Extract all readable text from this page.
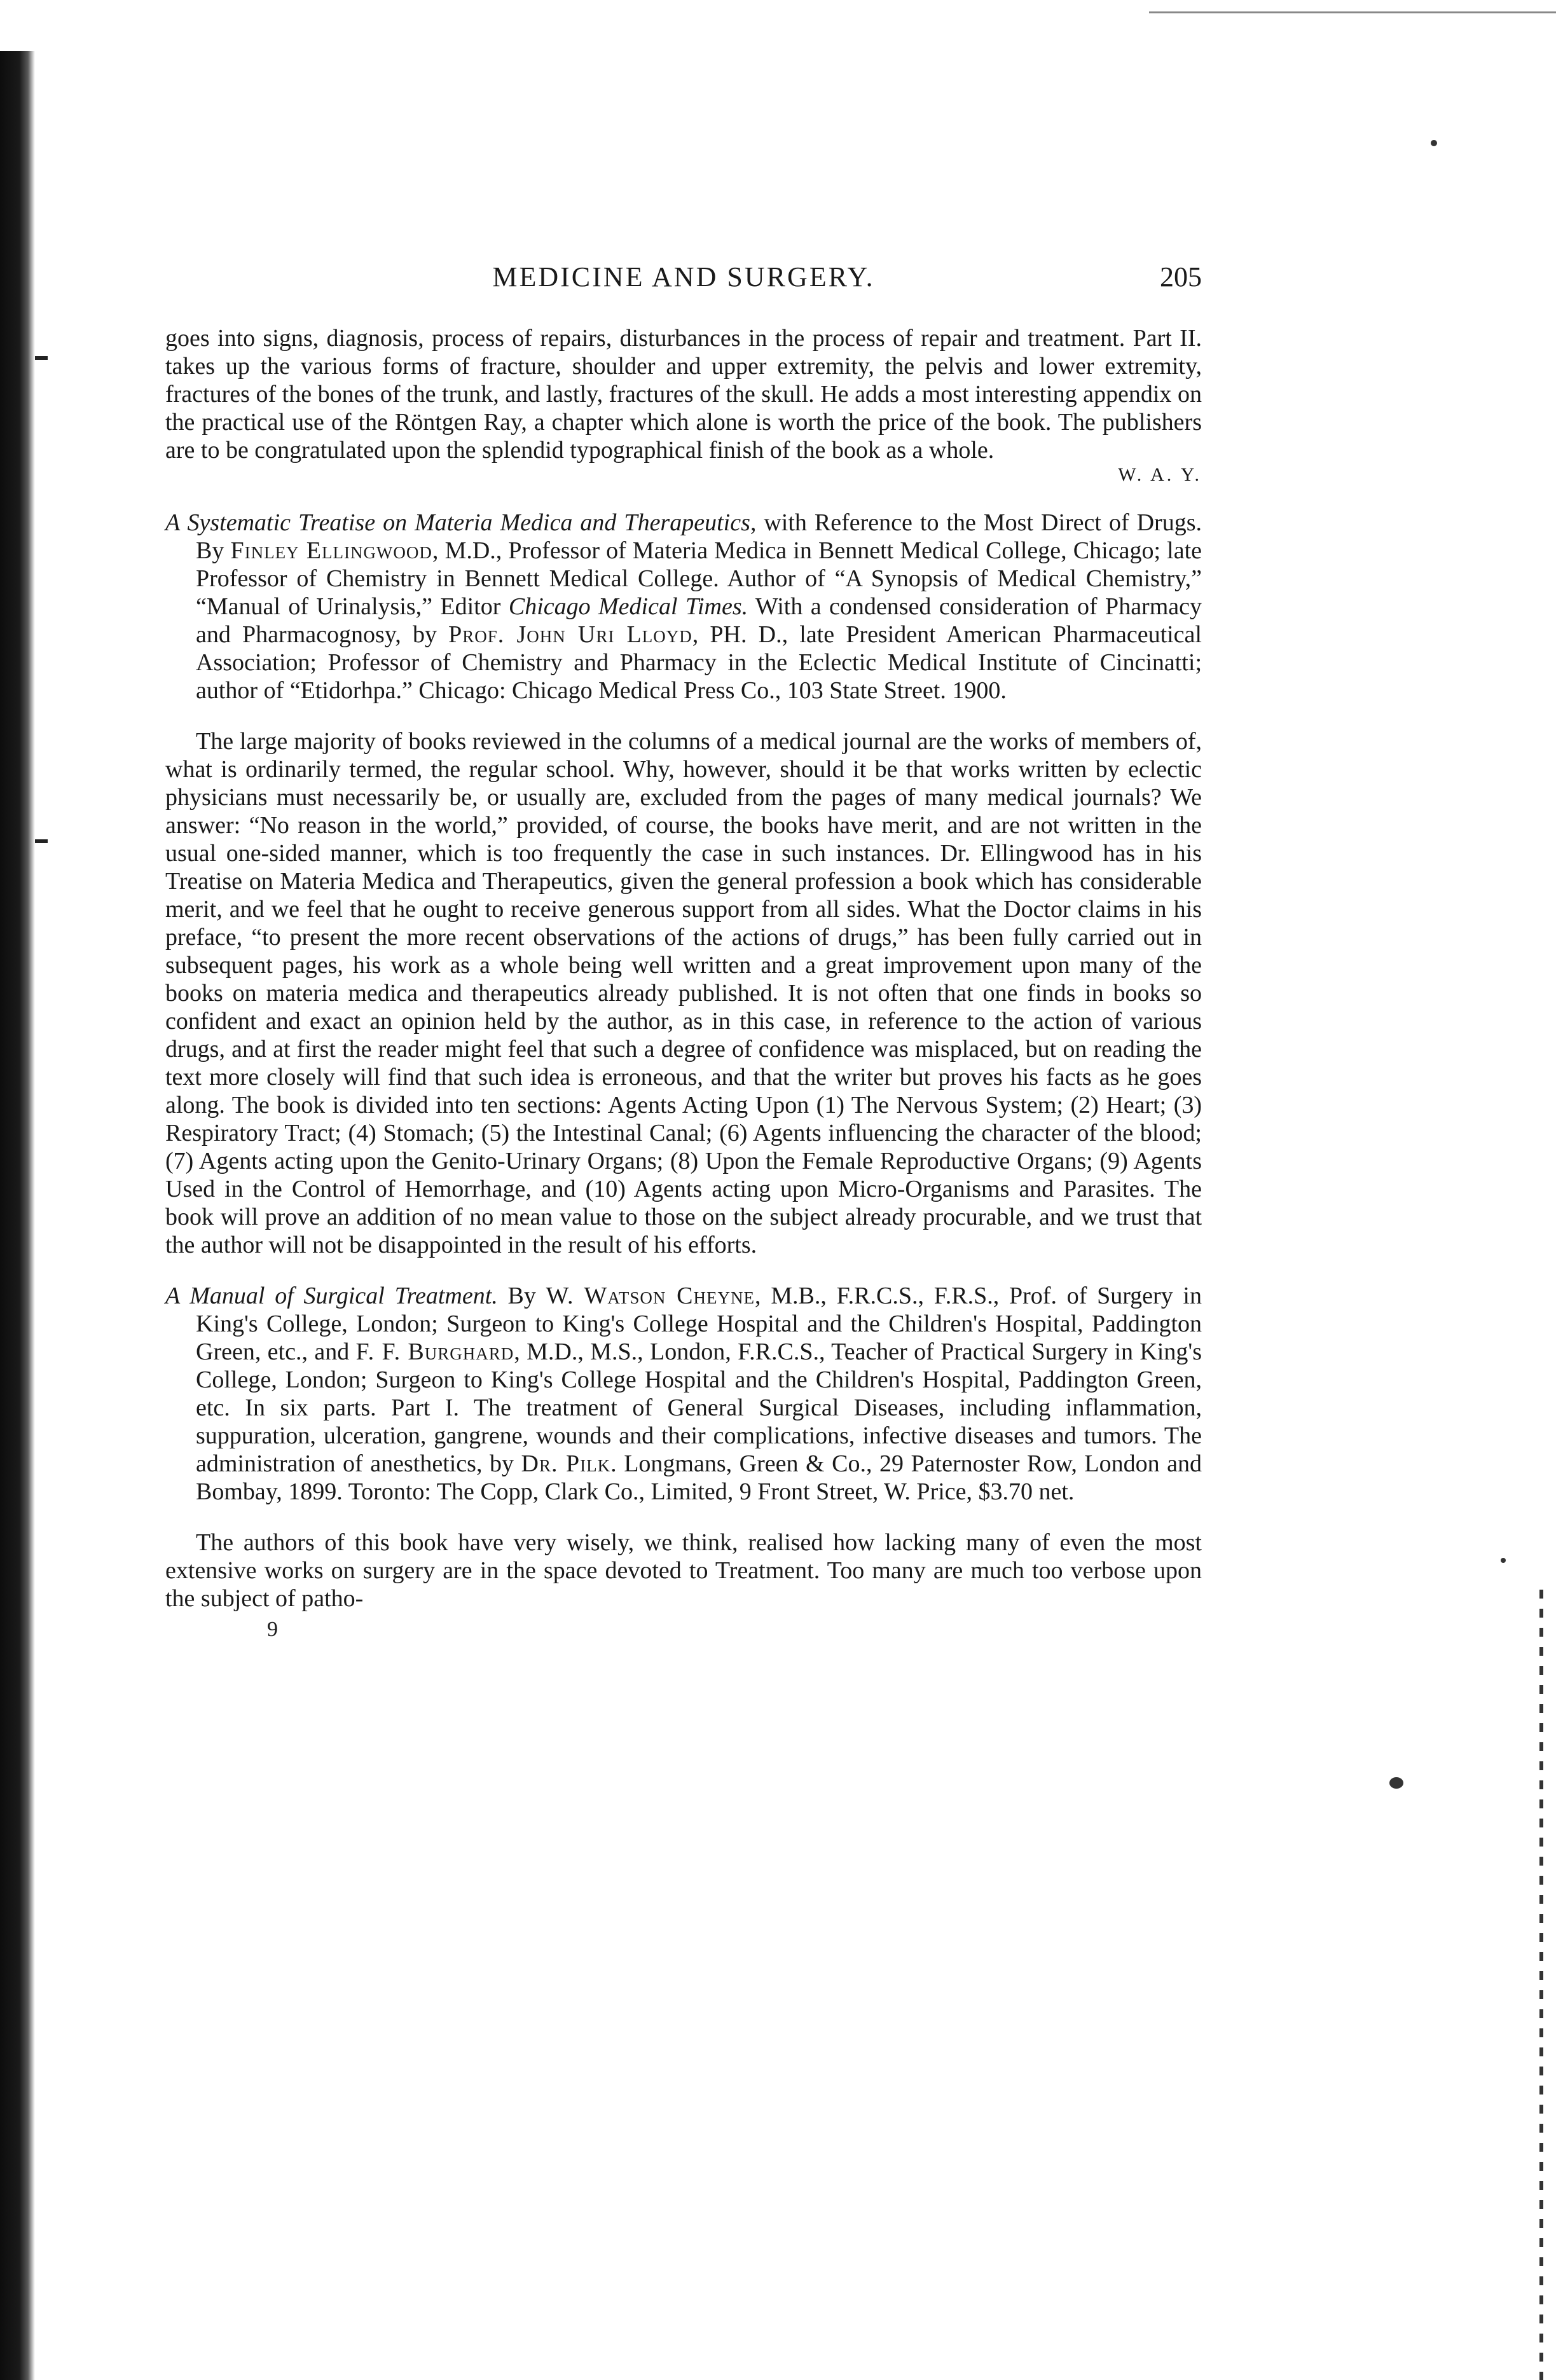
MEDICINE AND SURGERY.	205

goes into signs, diagnosis, process of repairs, disturbances in the process of repair and treatment. Part II. takes up the various forms of fracture, shoulder and upper extremity, the pelvis and lower extremity, fractures of the bones of the trunk, and lastly, fractures of the skull. He adds a most interesting appendix on the practical use of the Röntgen Ray, a chapter which alone is worth the price of the book. The publishers are to be congratulated upon the splendid typographical finish of the book as a whole.

W. A. Y.

A Systematic Treatise on Materia Medica and Therapeutics, with Reference to the Most Direct of Drugs. By Finley Ellingwood, M.D., Professor of Materia Medica in Bennett Medical College, Chicago; late Professor of Chemistry in Bennett Medical College. Author of “A Synopsis of Medical Chemistry,” “Manual of Urinalysis,” Editor Chicago Medical Times. With a condensed consideration of Pharmacy and Pharmacognosy, by Prof. John Uri Lloyd, PH. D., late President American Pharmaceutical Association; Professor of Chemistry and Pharmacy in the Eclectic Medical Institute of Cincinatti; author of “Etidorhpa.” Chicago: Chicago Medical Press Co., 103 State Street. 1900.

The large majority of books reviewed in the columns of a medical journal are the works of members of, what is ordinarily termed, the regular school. Why, however, should it be that works written by eclectic physicians must necessarily be, or usually are, excluded from the pages of many medical journals? We answer: “No reason in the world,” provided, of course, the books have merit, and are not written in the usual one-sided manner, which is too frequently the case in such instances. Dr. Ellingwood has in his Treatise on Materia Medica and Therapeutics, given the general profession a book which has considerable merit, and we feel that he ought to receive generous support from all sides. What the Doctor claims in his preface, “to present the more recent observations of the actions of drugs,” has been fully carried out in subsequent pages, his work as a whole being well written and a great improvement upon many of the books on materia medica and therapeutics already published. It is not often that one finds in books so confident and exact an opinion held by the author, as in this case, in reference to the action of various drugs, and at first the reader might feel that such a degree of confidence was misplaced, but on reading the text more closely will find that such idea is erroneous, and that the writer but proves his facts as he goes along. The book is divided into ten sections: Agents Acting Upon (1) The Nervous System; (2) Heart; (3) Respiratory Tract; (4) Stomach; (5) the Intestinal Canal; (6) Agents influencing the character of the blood; (7) Agents acting upon the Genito-Urinary Organs; (8) Upon the Female Reproductive Organs; (9) Agents Used in the Control of Hemorrhage, and (10) Agents acting upon Micro-Organisms and Parasites. The book will prove an addition of no mean value to those on the subject already procurable, and we trust that the author will not be disappointed in the result of his efforts.

A Manual of Surgical Treatment. By W. Watson Cheyne, M.B., F.R.C.S., F.R.S., Prof. of Surgery in King's College, London; Surgeon to King's College Hospital and the Children's Hospital, Paddington Green, etc., and F. F. Burghard, M.D., M.S., London, F.R.C.S., Teacher of Practical Surgery in King's College, London; Surgeon to King's College Hospital and the Children's Hospital, Paddington Green, etc. In six parts. Part I. The treatment of General Surgical Diseases, including inflammation, suppuration, ulceration, gangrene, wounds and their complications, infective diseases and tumors. The administration of anesthetics, by Dr. Pilk. Longmans, Green & Co., 29 Paternoster Row, London and Bombay, 1899. Toronto: The Copp, Clark Co., Limited, 9 Front Street, W. Price, $3.70 net.

The authors of this book have very wisely, we think, realised how lacking many of even the most extensive works on surgery are in the space devoted to Treatment. Too many are much too verbose upon the subject of patho-

9
